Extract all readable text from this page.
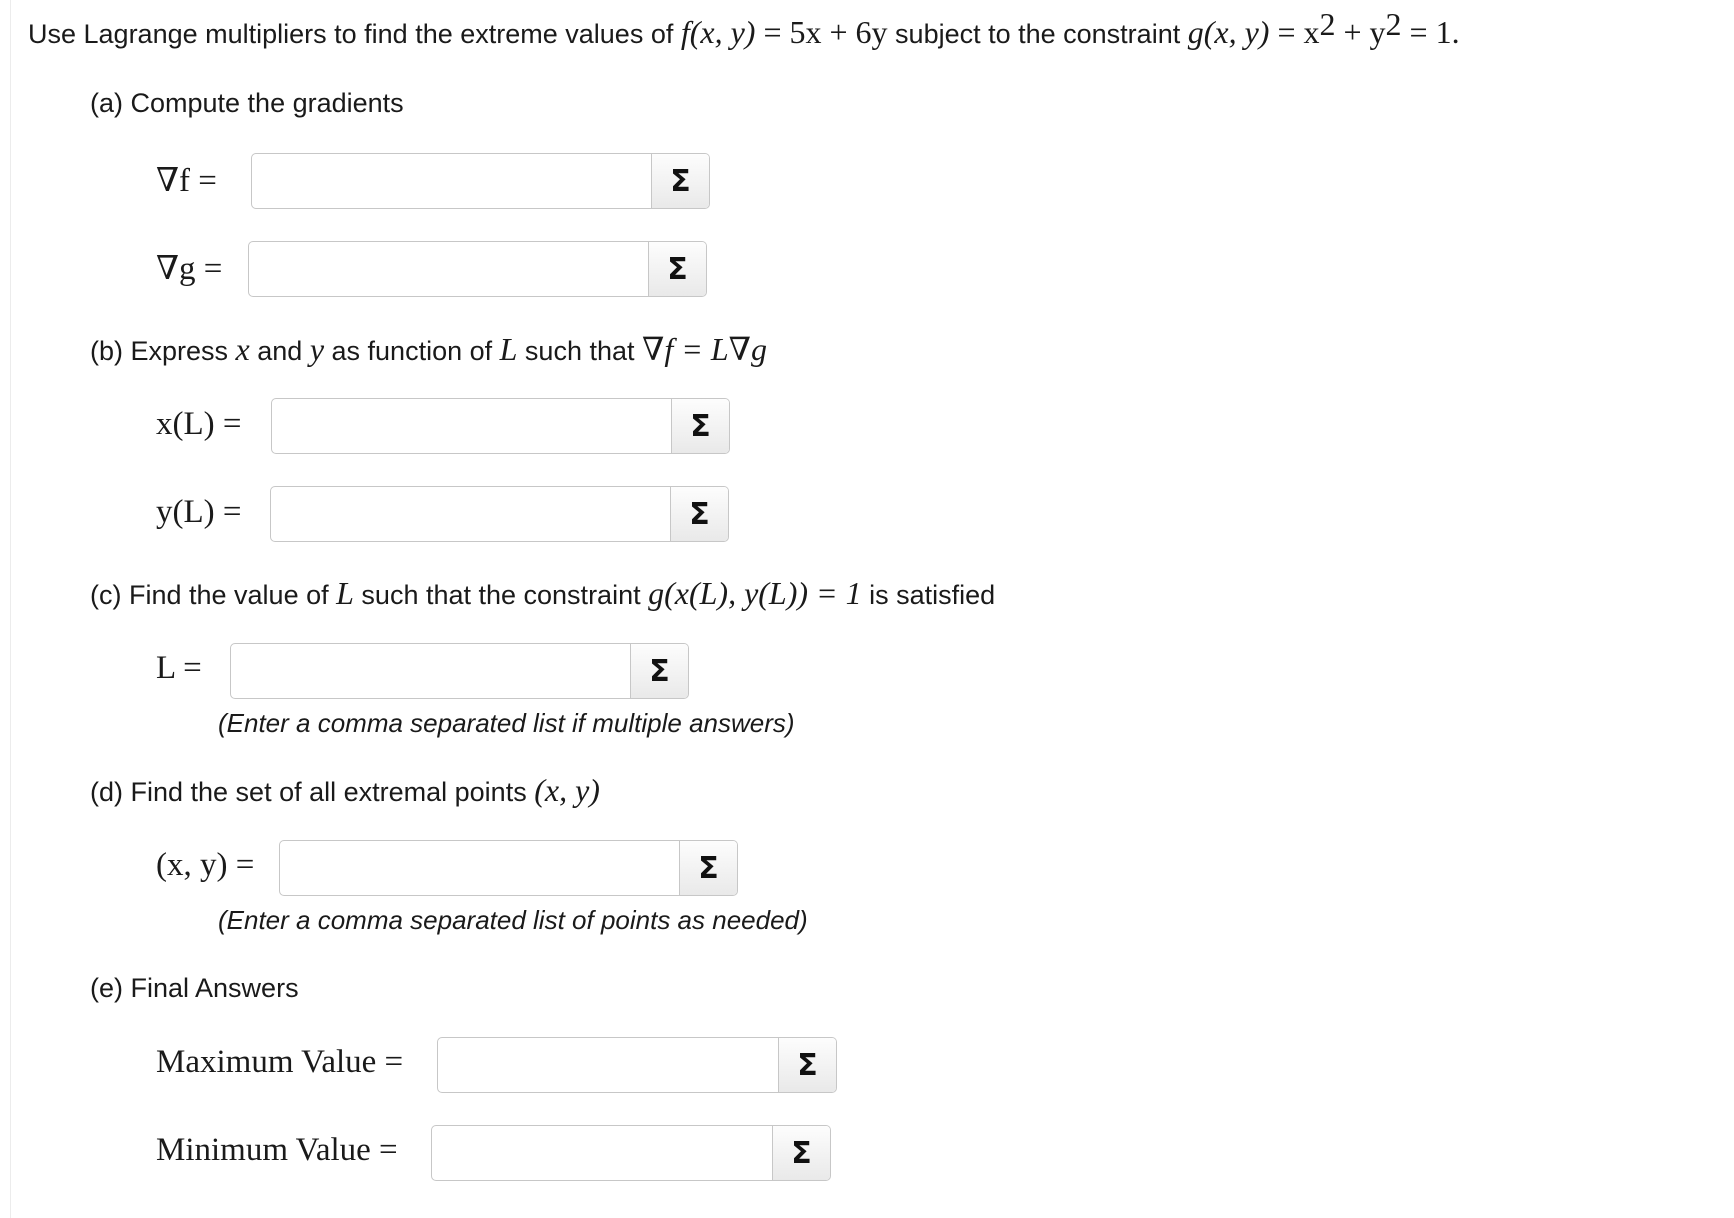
Use Lagrange multipliers to find the extreme values of f(x, y) = 5x + 6y subject to the constraint g(x, $y) = x^2 + y^2 = 1$.
(a) Compute the gradients
∇f =	Σ
∇g =	Σ
(b) Express x and y as function of L such that ∇f = L∇g
x(L) =	Σ
y(L) =	Σ
(c) Find the value of L such that the constraint g(x(L), y(L)) = 1 is satisfied
L =	Σ
(Enter a comma separated list if multiple answers)
(d) Find the set of all extremal points (x, y)
(x, y) =	Σ
(Enter a comma separated list of points as needed)
(e) Final Answers
Maximum Value =	Σ
Minimum Value =	Σ
